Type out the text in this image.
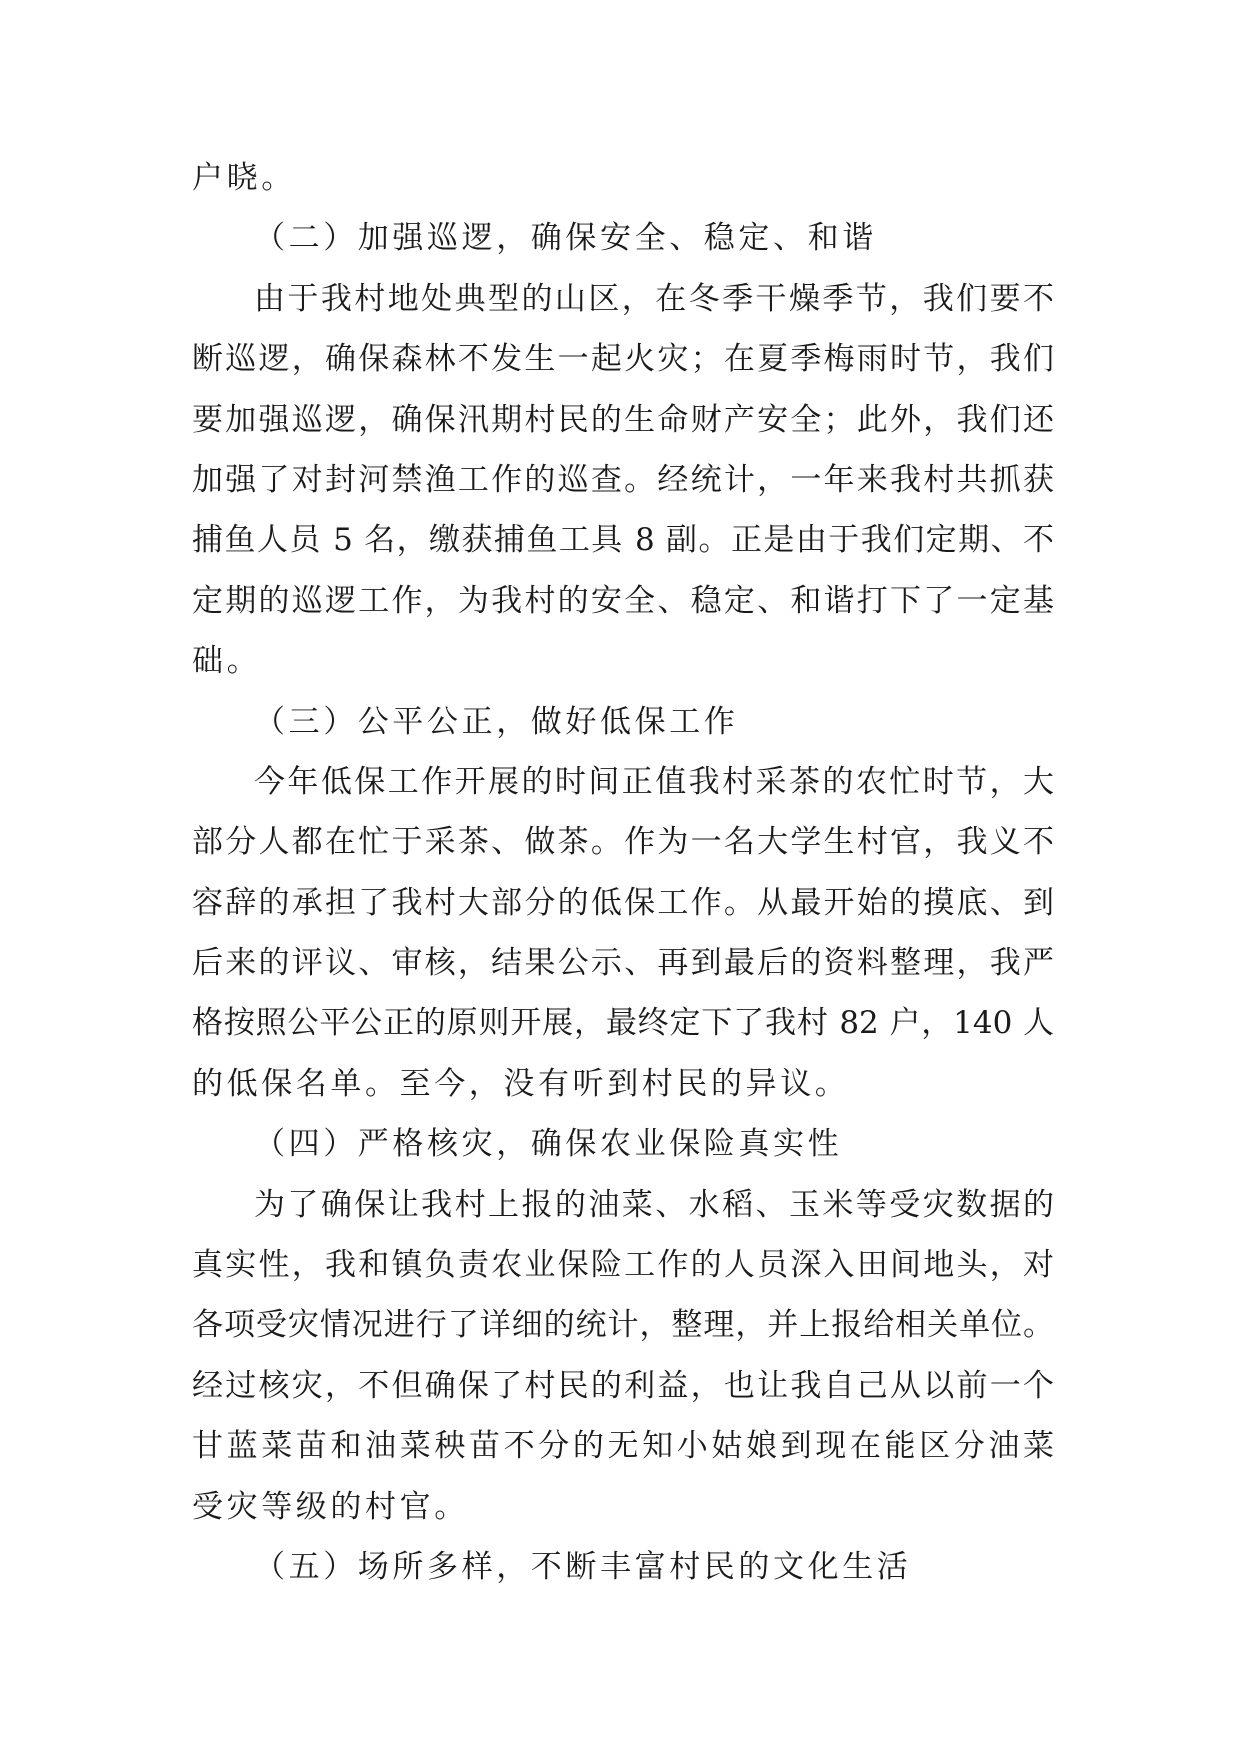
户晓。
（二）加强巡逻，确保安全、稳定、和谐
由于我村地处典型的山区，在冬季干燥季节，我们要不
断巡逻，确保森林不发生一起火灾；在夏季梅雨时节，我们
要加强巡逻，确保汛期村民的生命财产安全；此外，我们还
加强了对封河禁渔工作的巡查。经统计，一年来我村共抓获
捕鱼人员 5 名，缴获捕鱼工具 8 副。正是由于我们定期、不
定期的巡逻工作，为我村的安全、稳定、和谐打下了一定基
础。
（三）公平公正，做好低保工作
今年低保工作开展的时间正值我村采茶的农忙时节，大
部分人都在忙于采茶、做茶。作为一名大学生村官，我义不
容辞的承担了我村大部分的低保工作。从最开始的摸底、到
后来的评议、审核，结果公示、再到最后的资料整理，我严
格按照公平公正的原则开展，最终定下了我村 82 户，140 人
的低保名单。至今，没有听到村民的异议。
（四）严格核灾，确保农业保险真实性
为了确保让我村上报的油菜、水稻、玉米等受灾数据的
真实性，我和镇负责农业保险工作的人员深入田间地头，对
各项受灾情况进行了详细的统计，整理，并上报给相关单位。
经过核灾，不但确保了村民的利益，也让我自己从以前一个
甘蓝菜苗和油菜秧苗不分的无知小姑娘到现在能区分油菜
受灾等级的村官。
（五）场所多样，不断丰富村民的文化生活
